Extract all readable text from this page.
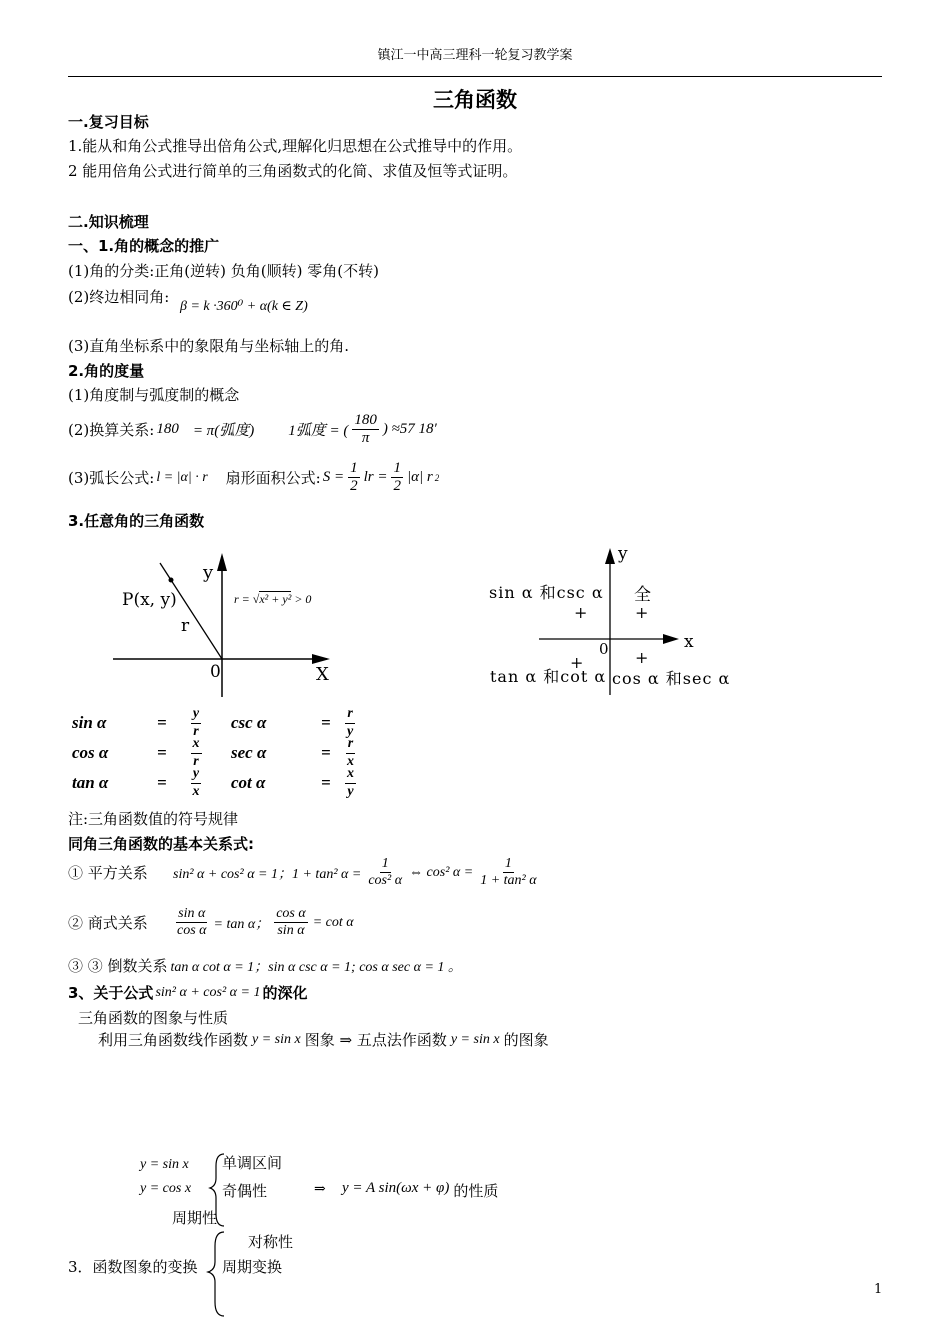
镇江一中高三理科一轮复习教学案
三角函数
一.复习目标
1.能从和角公式推导出倍角公式,理解化归思想在公式推导中的作用。
2 能用倍角公式进行简单的三角函数式的化简、求值及恒等式证明。
二.知识梳理
一、1.角的概念的推广
(1)角的分类:正角(逆转) 负角(顺转) 零角(不转)
(2)终边相同角:
β = k ·360⁰ + α(k ∈ Z)
(3)直角坐标系中的象限角与坐标轴上的角.
2.角的度量
(1)角度制与弧度制的概念
(2)换算关系: 180 = π(弧度) 1弧度 = ( $\frac{180}{\pi}$ ) ≈57 18′
(3)弧长公式: l = |α| · r 扇形面积公式: $S = \frac{1}{2}$ lr = $\frac{1}{2} |\alpha|$ r 2
3.任意角的三角函数
y
X
0
P(x, y)
r
r = √x² + y² > 0
y
x
0
sin α 和csc α 全
+	+
+	+
tan α 和cot α cos α 和sec α
sin α	=	$\frac{y}{r}$ csc α	=	$\frac{r}{y}$
cos α	=	$\frac{x}{r}$ sec α	=	$\frac{r}{x}$
tan α	=	$\frac{y}{x}$ cot α	=	$\frac{x}{y}$
注:三角函数值的符号规律
同角三角函数的基本关系式:
① 平方关系	sin² α + cos² α = 1；1 + tan² $\alpha = \frac{1}{\text{cos² α}}$ ⇔ cos² $\alpha = \frac{1}{\text{1 + tan² α}}$
② 商式关系	$\frac{\text{sin α}}{\text{cos α}} = \tan \alpha$； $\frac{\text{cos α}}{\text{sin α}} = \cot \alpha$
③ ③ 倒数关系 tan α cot α = 1；sin α csc α = 1; cos α sec α = 1 。
3、关于公式 sin² α + cos² α = 1 的深化
三角函数的图象与性质
利用三角函数线作函数 y = sin x 图象 ⇒ 五点法作函数 y = sin x 的图象
y = sin x
y = cos x
单调区间
奇偶性
周期性
⇒ y = A sin(ωx + φ) 的性质
对称性
3．函数图象的变换 周期变换
1
